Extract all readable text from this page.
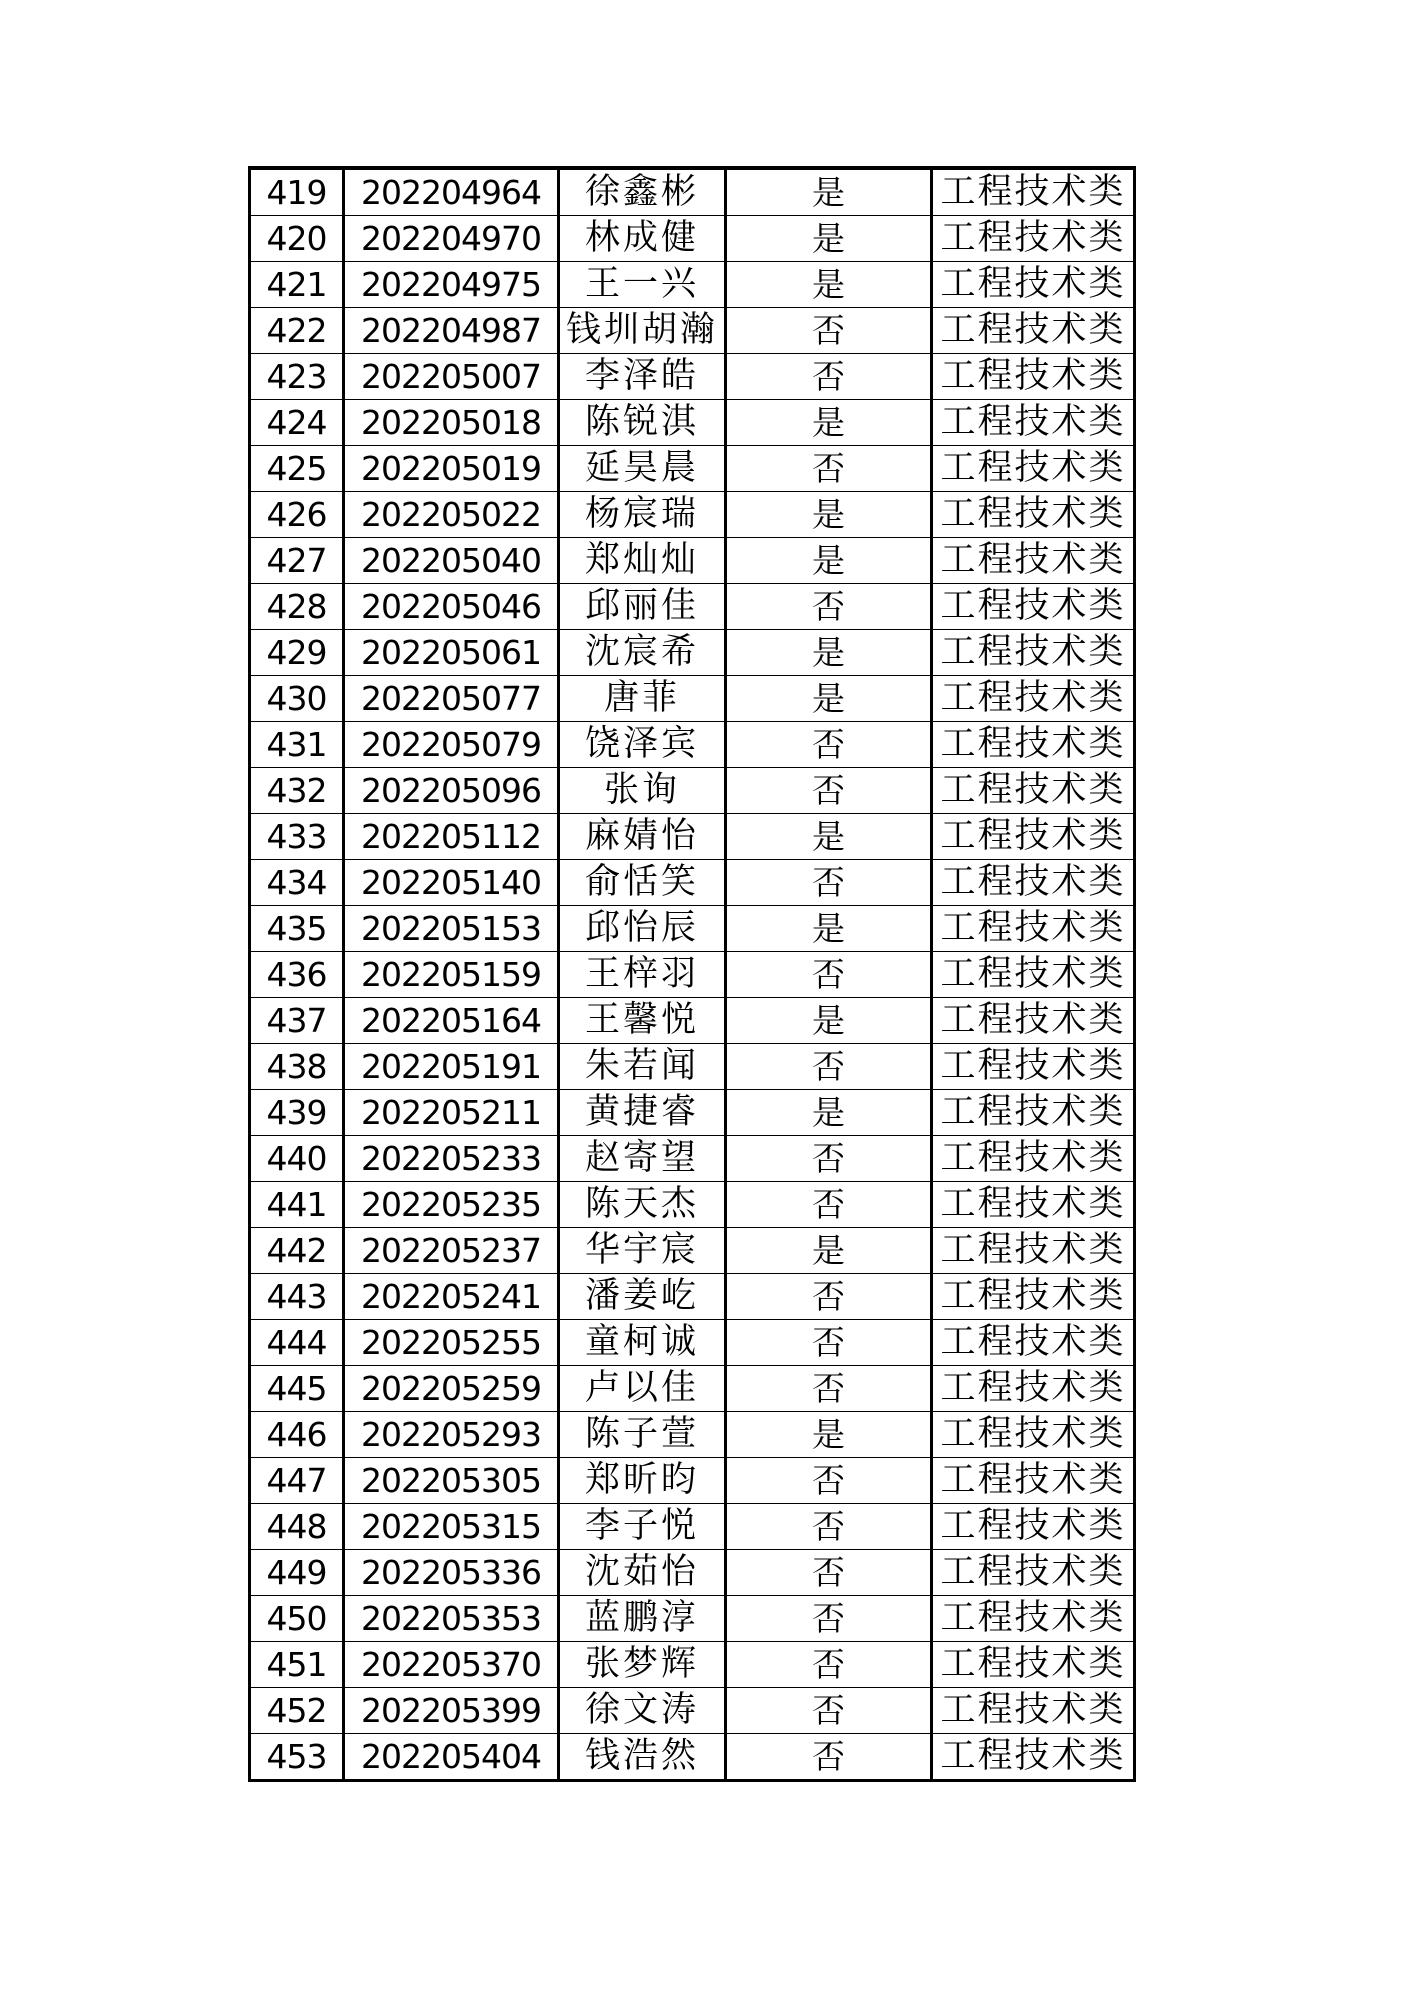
419	202204964	徐鑫彬	是	工程技术类
420	202204970	林成健	是	工程技术类
421	202204975	王一兴	是	工程技术类
422	202204987	钱圳胡瀚	否	工程技术类
423	202205007	李泽皓	否	工程技术类
424	202205018	陈锐淇	是	工程技术类
425	202205019	延昊晨	否	工程技术类
426	202205022	杨宸瑞	是	工程技术类
427	202205040	郑灿灿	是	工程技术类
428	202205046	邱丽佳	否	工程技术类
429	202205061	沈宸希	是	工程技术类
430	202205077	唐菲	是	工程技术类
431	202205079	饶泽宾	否	工程技术类
432	202205096	张询	否	工程技术类
433	202205112	麻婧怡	是	工程技术类
434	202205140	俞恬笑	否	工程技术类
435	202205153	邱怡辰	是	工程技术类
436	202205159	王梓羽	否	工程技术类
437	202205164	王馨悦	是	工程技术类
438	202205191	朱若闻	否	工程技术类
439	202205211	黄捷睿	是	工程技术类
440	202205233	赵寄望	否	工程技术类
441	202205235	陈天杰	否	工程技术类
442	202205237	华宇宸	是	工程技术类
443	202205241	潘姜屹	否	工程技术类
444	202205255	童柯诚	否	工程技术类
445	202205259	卢以佳	否	工程技术类
446	202205293	陈子萱	是	工程技术类
447	202205305	郑昕昀	否	工程技术类
448	202205315	李子悦	否	工程技术类
449	202205336	沈茹怡	否	工程技术类
450	202205353	蓝鹏淳	否	工程技术类
451	202205370	张梦辉	否	工程技术类
452	202205399	徐文涛	否	工程技术类
453	202205404	钱浩然	否	工程技术类
